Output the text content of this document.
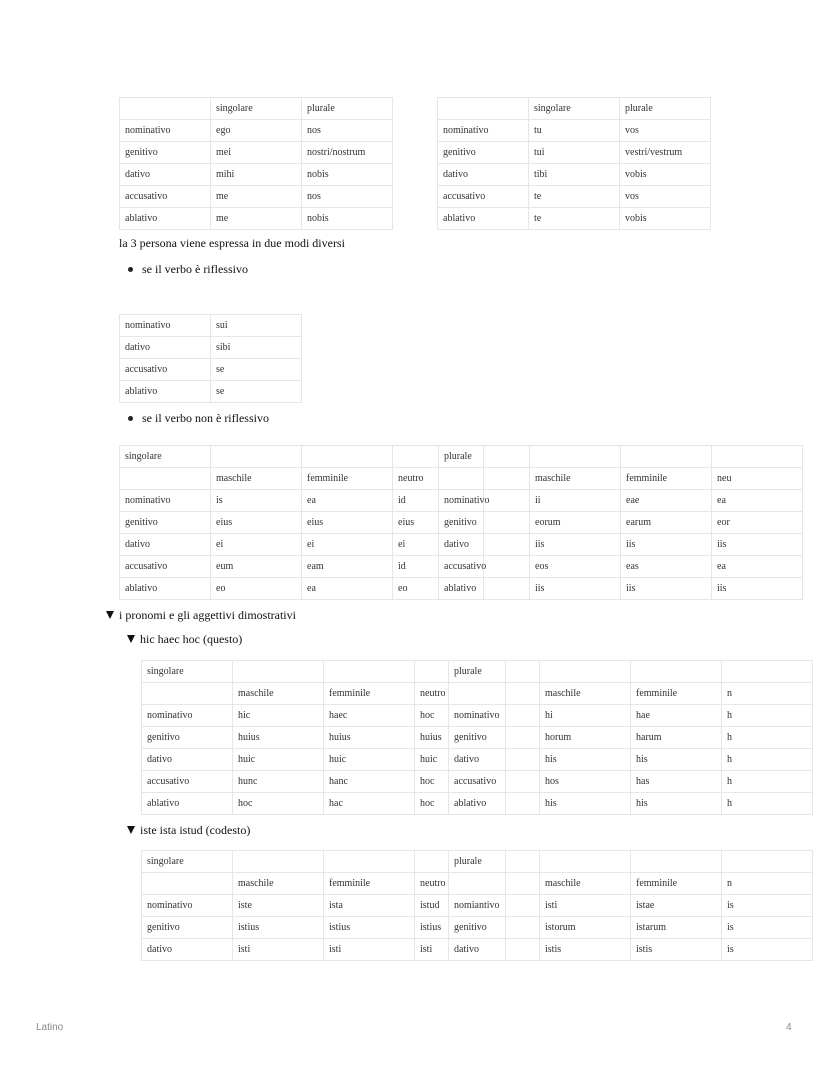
	singolare	plurale
nominativo	ego	nos
genitivo	mei	nostri/nostrum
dativo	mihi	nobis
accusativo	me	nos
ablativo	me	nobis
	singolare	plurale
nominativo	tu	vos
genitivo	tui	vestri/vestrum
dativo	tibi	vobis
accusativo	te	vos
ablativo	te	vobis
la 3 persona viene espressa in due modi diversi
se il verbo è riflessivo
nominativo	sui
dativo	sibi
accusativo	se
ablativo	se
se il verbo non è riflessivo
singolare				plurale				
	maschile	femminile	neutro			maschile	femminile	neu
nominativo	is	ea	id	nominativo		ii	eae	ea
genitivo	eius	eius	eius	genitivo		eorum	earum	eor
dativo	ei	ei	ei	dativo		iis	iis	iis
accusativo	eum	eam	id	accusativo		eos	eas	ea
ablativo	eo	ea	eo	ablativo		iis	iis	iis
i pronomi e gli aggettivi dimostrativi
hic haec hoc (questo)
singolare				plurale				
	maschile	femminile	neutro			maschile	femminile	n
nominativo	hic	haec	hoc	nominativo		hi	hae	h
genitivo	huius	huius	huius	genitivo		horum	harum	h
dativo	huic	huic	huic	dativo		his	his	h
accusativo	hunc	hanc	hoc	accusativo		hos	has	h
ablativo	hoc	hac	hoc	ablativo		his	his	h
iste ista istud (codesto)
singolare				plurale				
	maschile	femminile	neutro			maschile	femminile	n
nominativo	iste	ista	istud	nomiantivo		isti	istae	is
genitivo	istius	istius	istius	genitivo		istorum	istarum	is
dativo	isti	isti	isti	dativo		istis	istis	is
Latino	4
